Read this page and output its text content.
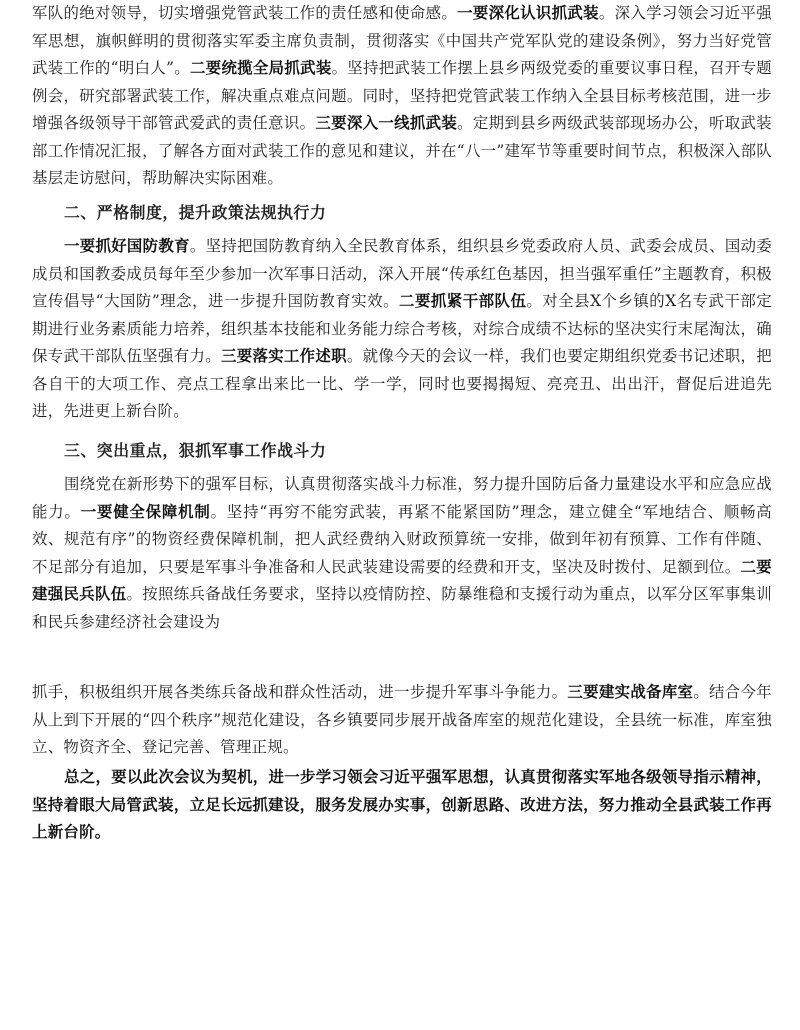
军队的绝对领导，切实增强党管武装工作的责任感和使命感。一要深化认识抓武装。深入学习领会习近平强军思想，旗帜鲜明的贯彻落实军委主席负责制，贯彻落实《中国共产党军队党的建设条例》，努力当好党管武装工作的“明白人”。二要统揽全局抓武装。坚持把武装工作摆上县乡两级党委的重要议事日程，召开专题例会，研究部署武装工作，解决重点难点问题。同时，坚持把党管武装工作纳入全县目标考核范围，进一步增强各级领导干部管武爱武的责任意识。三要深入一线抓武装。定期到县乡两级武装部现场办公，听取武装部工作情况汇报，了解各方面对武装工作的意见和建议，并在“八一”建军节等重要时间节点，积极深入部队基层走访慰问，帮助解决实际困难。

二、严格制度，提升政策法规执行力

一要抓好国防教育。坚持把国防教育纳入全民教育体系，组织县乡党委政府人员、武委会成员、国动委成员和国教委成员每年至少参加一次军事日活动，深入开展“传承红色基因，担当强军重任”主题教育，积极宣传倡导“大国防”理念，进一步提升国防教育实效。二要抓紧干部队伍。对全县X个乡镇的X名专武干部定期进行业务素质能力培养，组织基本技能和业务能力综合考核，对综合成绩不达标的坚决实行末尾淘汰，确保专武干部队伍坚强有力。三要落实工作述职。就像今天的会议一样，我们也要定期组织党委书记述职，把各自干的大项工作、亮点工程拿出来比一比、学一学，同时也要揭揭短、亮亮丑、出出汗，督促后进追先进，先进更上新台阶。

三、突出重点，狠抓军事工作战斗力

围绕党在新形势下的强军目标，认真贯彻落实战斗力标准，努力提升国防后备力量建设水平和应急应战能力。一要健全保障机制。坚持“再穷不能穷武装，再紧不能紧国防”理念，建立健全“军地结合、顺畅高效、规范有序”的物资经费保障机制，把人武经费纳入财政预算统一安排，做到年初有预算、工作有伴随、不足部分有追加，只要是军事斗争准备和人民武装建设需要的经费和开支，坚决及时拨付、足额到位。二要建强民兵队伍。按照练兵备战任务要求，坚持以疫情防控、防暴维稳和支援行动为重点，以军分区军事集训和民兵参建经济社会建设为

抓手，积极组织开展各类练兵备战和群众性活动，进一步提升军事斗争能力。三要建实战备库室。结合今年从上到下开展的“四个秩序”规范化建设，各乡镇要同步展开战备库室的规范化建设，全县统一标准，库室独立、物资齐全、登记完善、管理正规。

总之，要以此次会议为契机，进一步学习领会习近平强军思想，认真贯彻落实军地各级领导指示精神，坚持着眼大局管武装，立足长远抓建设，服务发展办实事，创新思路、改进方法，努力推动全县武装工作再上新台阶。
